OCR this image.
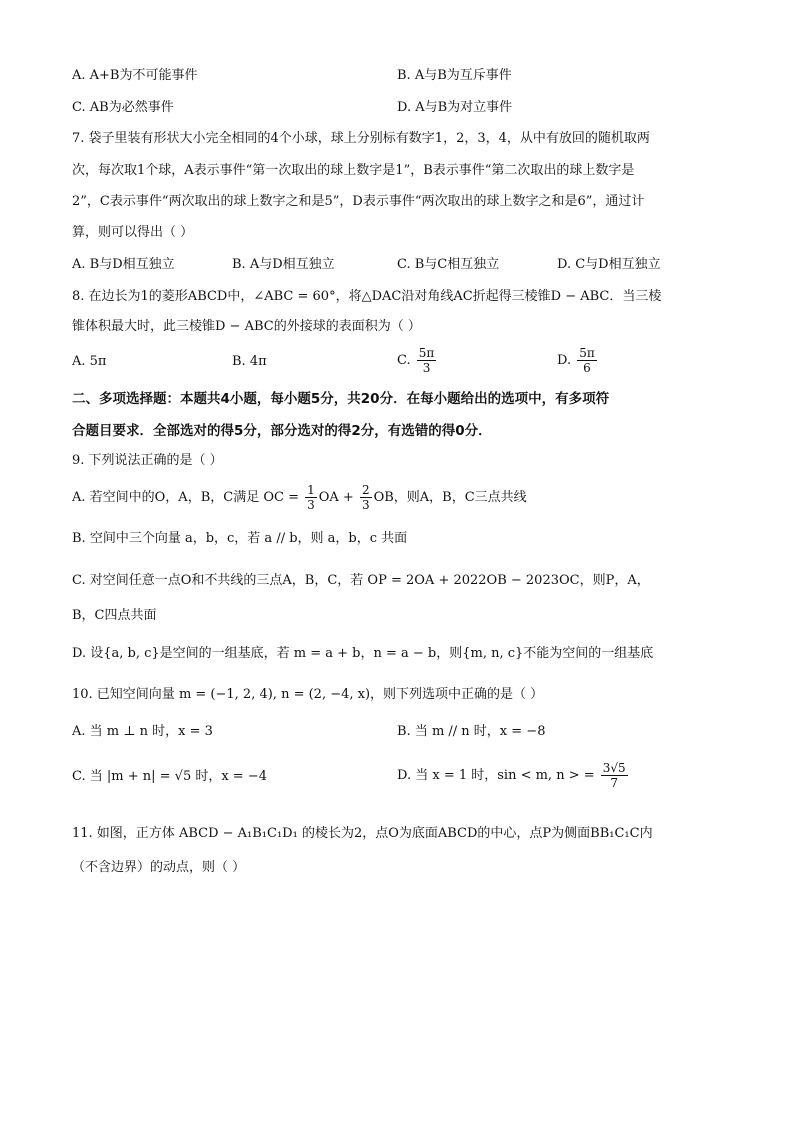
A. A+B为不可能事件	B. A与B为互斥事件
C. AB为必然事件	D. A与B为对立事件
7. 袋子里装有形状大小完全相同的4个小球，球上分别标有数字1，2，3，4，从中有放回的随机取两
次，每次取1个球，A表示事件“第一次取出的球上数字是1”，B表示事件“第二次取出的球上数字是
2”，C表示事件“两次取出的球上数字之和是5”，D表示事件“两次取出的球上数字之和是6”，通过计
算，则可以得出（ ）
A. B与D相互独立	B. A与D相互独立	C. B与C相互独立	D. C与D相互独立
8. 在边长为1的菱形ABCD中，∠ABC = 60°，将△DAC沿对角线AC折起得三棱锥D − ABC．当三棱
锥体积最大时，此三棱锥D − ABC的外接球的表面积为（ ）
A. 5π	B. 4π	C. $\frac{5\pi}{3}$	D. $\frac{5\pi}{6}$
二、多项选择题：本题共4小题，每小题5分，共20分．在每小题给出的选项中，有多项符
合题目要求．全部选对的得5分，部分选对的得2分，有选错的得0分．
9. 下列说法正确的是（ ）
A. 若空间中的O，A，B，C满足 OC = $\frac{1}{3}$ OA + $\frac{2}{3}$ OB，则A，B，C三点共线
B. 空间中三个向量 a，b，c，若 a // b，则 a，b，c 共面
C. 对空间任意一点O和不共线的三点A，B，C，若 OP = 2OA + 2022OB − 2023OC，则P，A，
B，C四点共面
D. 设{a, b, c}是空间的一组基底，若 m = a + b，n = a − b，则{m, n, c}不能为空间的一组基底
10. 已知空间向量 m = (−1, 2, 4), n = (2, −4, x)，则下列选项中正确的是（ ）
A. 当 m ⊥ n 时，x = 3	B. 当 m // n 时，x = −8
C. 当 |m + n| = √5 时，x = −4	D. 当 x = 1 时，sin < m, n > = $\frac{3√5}{7}$
11. 如图，正方体 ABCD − A₁B₁C₁D₁ 的棱长为2，点O为底面ABCD的中心，点P为侧面BB₁C₁C内
（不含边界）的动点，则（ ）
